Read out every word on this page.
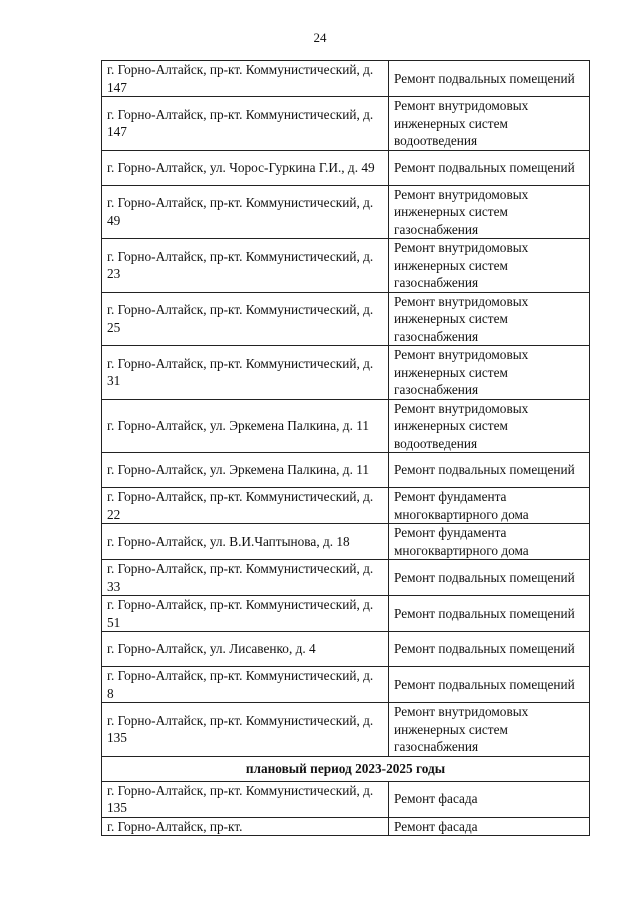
24
г. Горно-Алтайск, пр-кт. Коммунистический, д. 147	Ремонт подвальных помещений
г. Горно-Алтайск, пр-кт. Коммунистический, д. 147	Ремонт внутридомовых инженерных систем водоотведения
г. Горно-Алтайск, ул. Чорос-Гуркина Г.И., д. 49	Ремонт подвальных помещений
г. Горно-Алтайск, пр-кт. Коммунистический, д. 49	Ремонт внутридомовых инженерных систем газоснабжения
г. Горно-Алтайск, пр-кт. Коммунистический, д. 23	Ремонт внутридомовых инженерных систем газоснабжения
г. Горно-Алтайск, пр-кт. Коммунистический, д. 25	Ремонт внутридомовых инженерных систем газоснабжения
г. Горно-Алтайск, пр-кт. Коммунистический, д. 31	Ремонт внутридомовых инженерных систем газоснабжения
г. Горно-Алтайск, ул. Эркемена Палкина, д. 11	Ремонт внутридомовых инженерных систем водоотведения
г. Горно-Алтайск, ул. Эркемена Палкина, д. 11	Ремонт подвальных помещений
г. Горно-Алтайск, пр-кт. Коммунистический, д. 22	Ремонт фундамента многоквартирного дома
г. Горно-Алтайск, ул. В.И.Чаптынова, д. 18	Ремонт фундамента многоквартирного дома
г. Горно-Алтайск, пр-кт. Коммунистический, д. 33	Ремонт подвальных помещений
г. Горно-Алтайск, пр-кт. Коммунистический, д. 51	Ремонт подвальных помещений
г. Горно-Алтайск, ул. Лисавенко, д. 4	Ремонт подвальных помещений
г. Горно-Алтайск, пр-кт. Коммунистический, д. 8	Ремонт подвальных помещений
г. Горно-Алтайск, пр-кт. Коммунистический, д. 135	Ремонт внутридомовых инженерных систем газоснабжения
плановый период 2023-2025 годы	
г. Горно-Алтайск, пр-кт. Коммунистический, д. 135	Ремонт фасада
г. Горно-Алтайск, пр-кт.	Ремонт фасада
